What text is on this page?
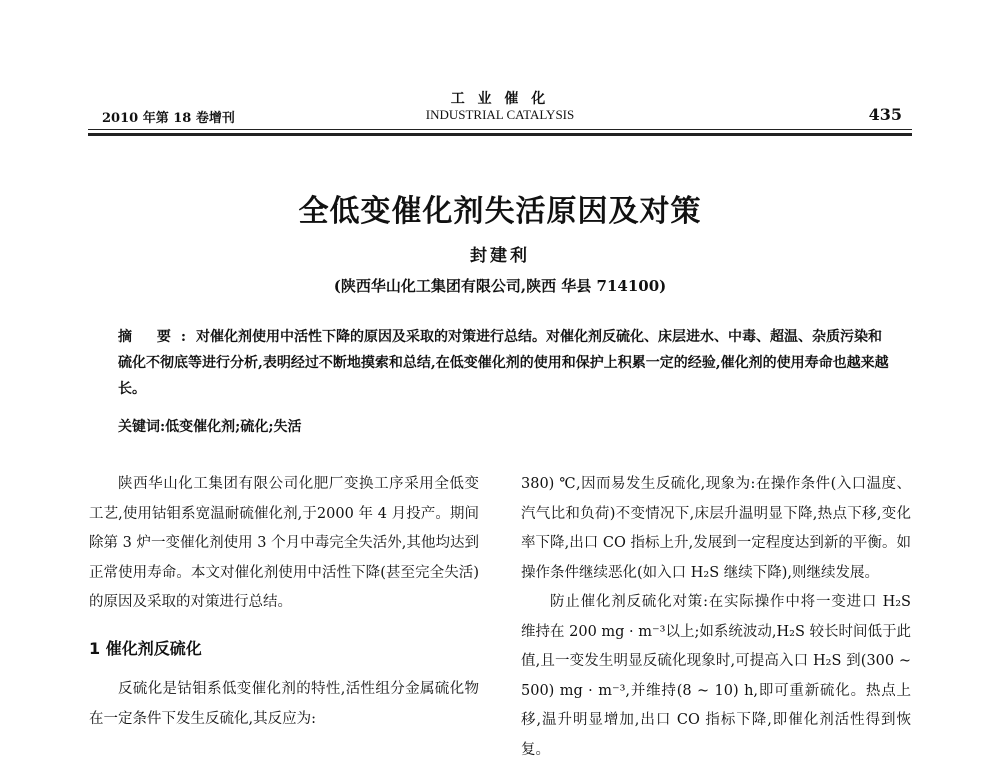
2010 年第 18 卷增刊
工 业 催 化
INDUSTRIAL CATALYSIS	435
全低变催化剂失活原因及对策
封建利
(陕西华山化工集团有限公司,陕西 华县 714100)
摘 要:对催化剂使用中活性下降的原因及采取的对策进行总结。对催化剂反硫化、床层进水、中毒、超温、杂质污染和硫化不彻底等进行分析,表明经过不断地摸索和总结,在低变催化剂的使用和保护上积累一定的经验,催化剂的使用寿命也越来越长。
关键词:低变催化剂;硫化;失活

陕西华山化工集团有限公司化肥厂变换工序采用全低变工艺,使用钴钼系宽温耐硫催化剂,于2000 年 4 月投产。期间除第 3 炉一变催化剂使用 3 个月中毒完全失活外,其他均达到正常使用寿命。本文对催化剂使用中活性下降(甚至完全失活)的原因及采取的对策进行总结。

1 催化剂反硫化

反硫化是钴钼系低变催化剂的特性,活性组分金属硫化物在一定条件下发生反硫化,其反应为:

380) ℃,因而易发生反硫化,现象为:在操作条件(入口温度、汽气比和负荷)不变情况下,床层升温明显下降,热点下移,变化率下降,出口 CO 指标上升,发展到一定程度达到新的平衡。如操作条件继续恶化(如入口 H₂S 继续下降),则继续发展。

防止催化剂反硫化对策:在实际操作中将一变进口 H₂S 维持在 200 mg · m⁻³以上;如系统波动,H₂S 较长时间低于此值,且一变发生明显反硫化现象时,可提高入口 H₂S 到(300 ~ 500) mg · m⁻³,并维持(8 ~ 10) h,即可重新硫化。热点上移,温升明显增加,出口 CO 指标下降,即催化剂活性得到恢复。
